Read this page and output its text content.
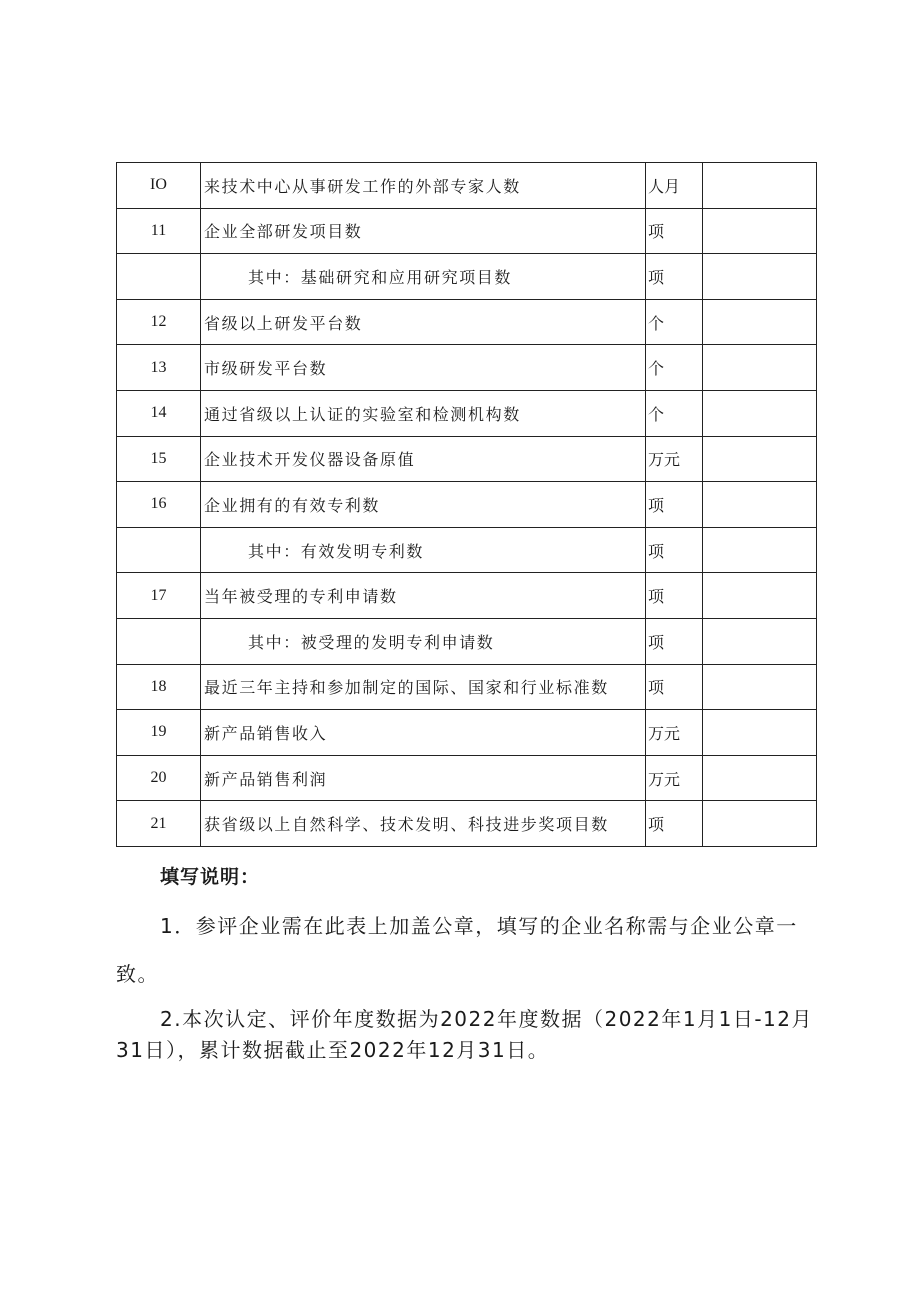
IO	来技术中心从事研发工作的外部专家人数	人月	
11	企业全部研发项目数	项	
	其中：基础研究和应用研究项目数	项	
12	省级以上研发平台数	个	
13	市级研发平台数	个	
14	通过省级以上认证的实验室和检测机构数	个	
15	企业技术开发仪器设备原值	万元	
16	企业拥有的有效专利数	项	
	其中：有效发明专利数	项	
17	当年被受理的专利申请数	项	
	其中：被受理的发明专利申请数	项	
18	最近三年主持和参加制定的国际、国家和行业标准数	项	
19	新产品销售收入	万元	
20	新产品销售利润	万元	
21	获省级以上自然科学、技术发明、科技进步奖项目数	项	
填写说明：
1．参评企业需在此表上加盖公章，填写的企业名称需与企业公章一
致。
2.本次认定、评价年度数据为2022年度数据（2022年1月1日-12月
31日），累计数据截止至2022年12月31日。
